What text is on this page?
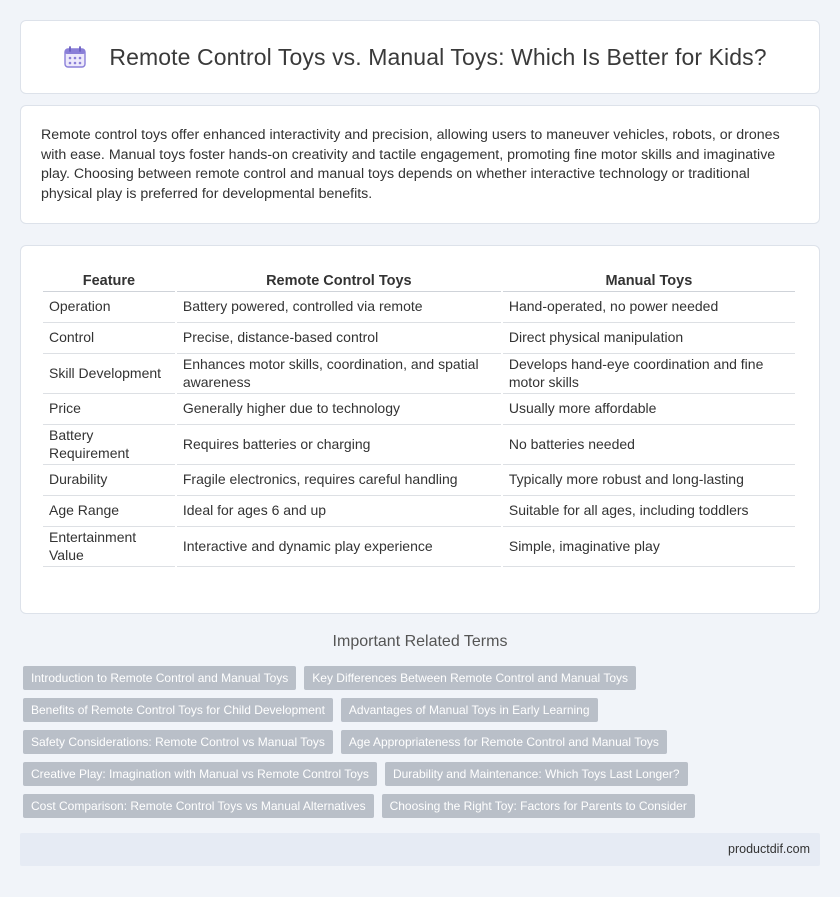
Remote Control Toys vs. Manual Toys: Which Is Better for Kids?

Remote control toys offer enhanced interactivity and precision, allowing users to maneuver vehicles, robots, or drones with ease. Manual toys foster hands-on creativity and tactile engagement, promoting fine motor skills and imaginative play. Choosing between remote control and manual toys depends on whether interactive technology or traditional physical play is preferred for developmental benefits.

Feature	Remote Control Toys	Manual Toys
Operation	Battery powered, controlled via remote	Hand-operated, no power needed
Control	Precise, distance-based control	Direct physical manipulation
Skill Development	Enhances motor skills, coordination, and spatial awareness	Develops hand-eye coordination and fine motor skills
Price	Generally higher due to technology	Usually more affordable
Battery Requirement	Requires batteries or charging	No batteries needed
Durability	Fragile electronics, requires careful handling	Typically more robust and long-lasting
Age Range	Ideal for ages 6 and up	Suitable for all ages, including toddlers
Entertainment Value	Interactive and dynamic play experience	Simple, imaginative play
Important Related Terms
Introduction to Remote Control and Manual Toys	Key Differences Between Remote Control and Manual Toys
Benefits of Remote Control Toys for Child Development	Advantages of Manual Toys in Early Learning
Safety Considerations: Remote Control vs Manual Toys	Age Appropriateness for Remote Control and Manual Toys
Creative Play: Imagination with Manual vs Remote Control Toys	Durability and Maintenance: Which Toys Last Longer?
Cost Comparison: Remote Control Toys vs Manual Alternatives	Choosing the Right Toy: Factors for Parents to Consider
productdif.com
